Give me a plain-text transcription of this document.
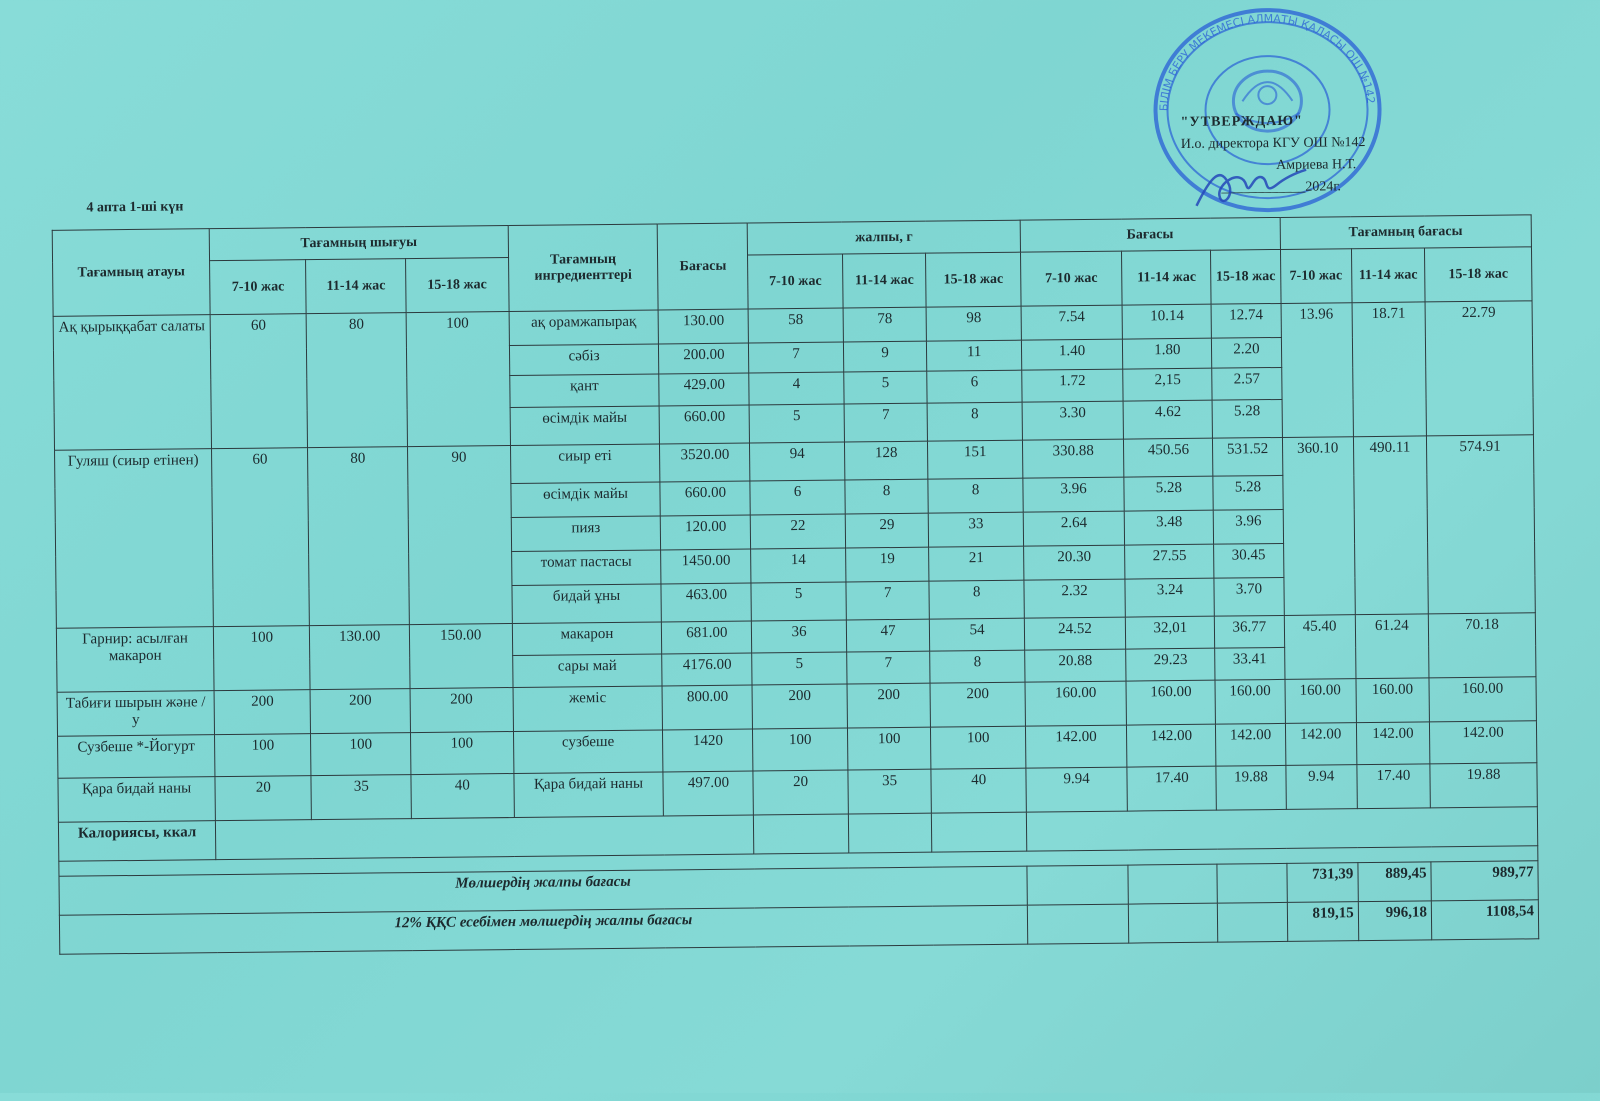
БІЛІМ БЕРУ МЕКЕМЕСІ АЛМАТЫ ҚАЛАСЫ ОШ №142
"УТВЕРЖДАЮ"
И.о. директора КГУ ОШ №142
Амриева Н.Т.
____________2024г.
4 апта 1-ші күн
Тағамның атауы	Тағамның шығуы			Тағамның ингредиенттері	Бағасы	жалпы, г			Бағасы			Тағамның бағасы		
	7-10 жас	11-14 жас	15-18 жас			7-10 жас	11-14 жас	15-18 жас	7-10 жас	11-14 жас	15-18 жас	7-10 жас	11-14 жас	15-18 жас
Ақ қырыққабат салаты	60	80	100	ақ орамжапырақ	130.00	58	78	98	7.54	10.14	12.74	13.96	18.71	22.79
				сәбіз	200.00	7	9	11	1.40	1.80	2.20			
				қант	429.00	4	5	6	1.72	2,15	2.57			
				өсімдік майы	660.00	5	7	8	3.30	4.62	5.28			
Гуляш (сиыр етінен)	60	80	90	сиыр еті	3520.00	94	128	151	330.88	450.56	531.52	360.10	490.11	574.91
				өсімдік майы	660.00	6	8	8	3.96	5.28	5.28			
				пияз	120.00	22	29	33	2.64	3.48	3.96			
				томат пастасы	1450.00	14	19	21	20.30	27.55	30.45			
				бидай ұны	463.00	5	7	8	2.32	3.24	3.70			
Гарнир: асылған макарон	100	130.00	150.00	макарон	681.00	36	47	54	24.52	32,01	36.77	45.40	61.24	70.18
				сары май	4176.00	5	7	8	20.88	29.23	33.41			
Табиғи шырын және / у	200	200	200	жеміс	800.00	200	200	200	160.00	160.00	160.00	160.00	160.00	160.00
Сузбеше *-Йогурт	100	100	100	сузбеше	1420	100	100	100	142.00	142.00	142.00	142.00	142.00	142.00
Қара бидай наны	20	35	40	Қара бидай наны	497.00	20	35	40	9.94	17.40	19.88	9.94	17.40	19.88
Калориясы, ккал														

Мөлшердің жалпы бағасы												731,39	889,45	989,77
12% ҚҚС есебімен мөлшердің жалпы бағасы												819,15	996,18	1108,54
